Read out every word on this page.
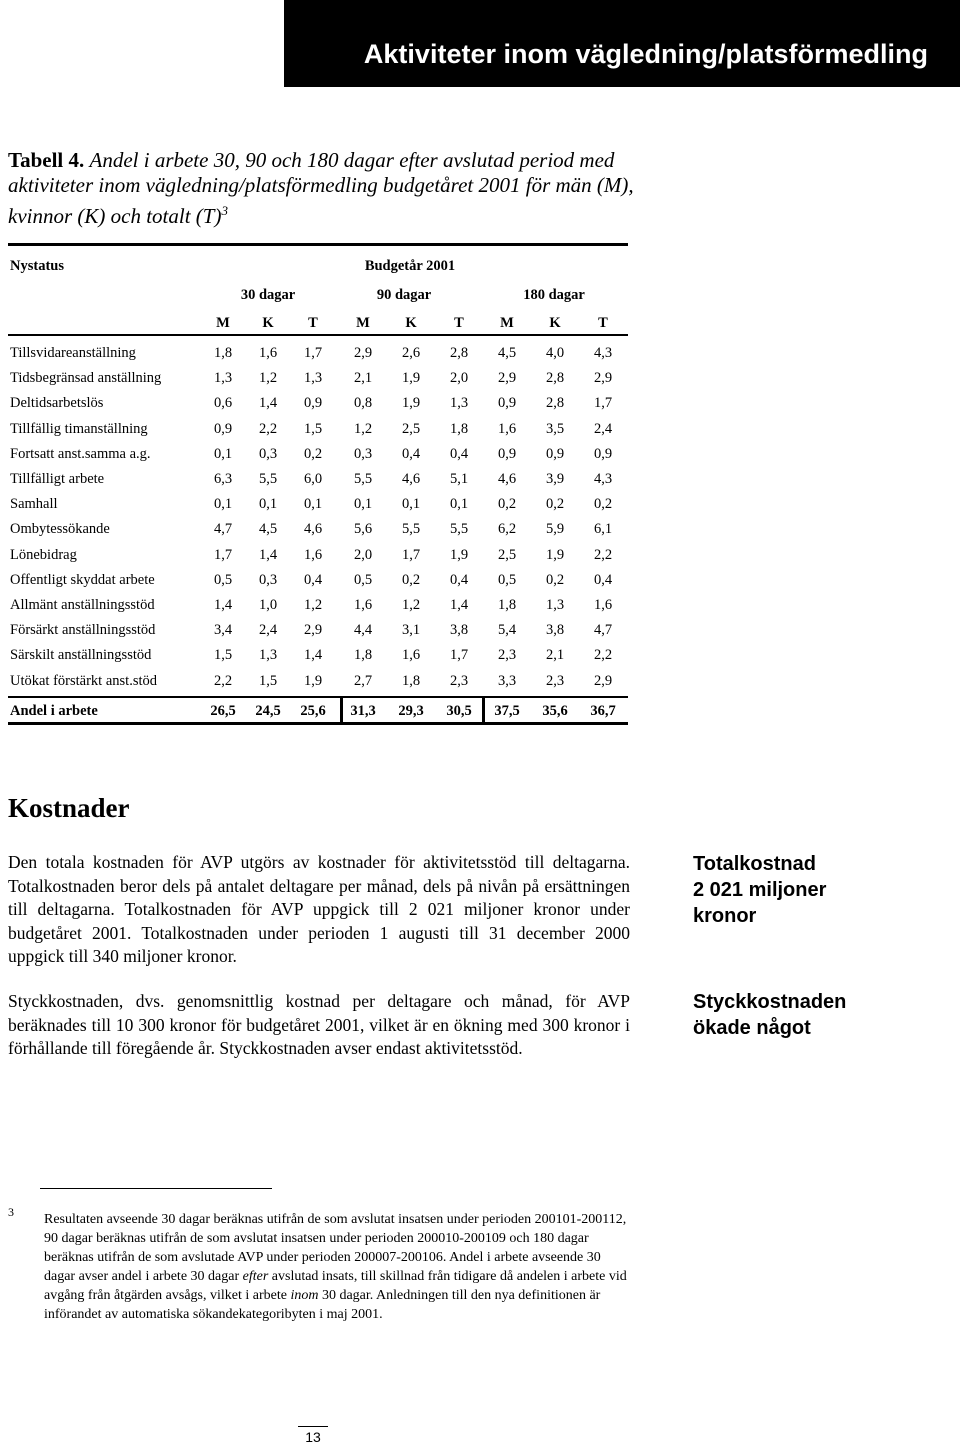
Aktiviteter inom vägledning/platsförmedling
Tabell 4. Andel i arbete 30, 90 och 180 dagar efter avslutad period med aktiviteter inom vägledning/platsförmedling budgetåret 2001 för män (M), kvinnor (K) och totalt $(T)^3$
Nystatus	Budgetår 2001
30 dagar	90 dagar	180 dagar
M	K	T	M	K	T	M	K	T
Tillsvidareanställning	1,8	1,6	1,7	2,9	2,6	2,8	4,5	4,0	4,3
Tidsbegränsad anställning	1,3	1,2	1,3	2,1	1,9	2,0	2,9	2,8	2,9
Deltidsarbetslös	0,6	1,4	0,9	0,8	1,9	1,3	0,9	2,8	1,7
Tillfällig timanställning	0,9	2,2	1,5	1,2	2,5	1,8	1,6	3,5	2,4
Fortsatt anst.samma a.g.	0,1	0,3	0,2	0,3	0,4	0,4	0,9	0,9	0,9
Tillfälligt arbete	6,3	5,5	6,0	5,5	4,6	5,1	4,6	3,9	4,3
Samhall	0,1	0,1	0,1	0,1	0,1	0,1	0,2	0,2	0,2
Ombytessökande	4,7	4,5	4,6	5,6	5,5	5,5	6,2	5,9	6,1
Lönebidrag	1,7	1,4	1,6	2,0	1,7	1,9	2,5	1,9	2,2
Offentligt skyddat arbete	0,5	0,3	0,4	0,5	0,2	0,4	0,5	0,2	0,4
Allmänt anställningsstöd	1,4	1,0	1,2	1,6	1,2	1,4	1,8	1,3	1,6
Försärkt anställningsstöd	3,4	2,4	2,9	4,4	3,1	3,8	5,4	3,8	4,7
Särskilt anställningsstöd	1,5	1,3	1,4	1,8	1,6	1,7	2,3	2,1	2,2
Utökat förstärkt anst.stöd	2,2	1,5	1,9	2,7	1,8	2,3	3,3	2,3	2,9
Andel i arbete	26,5 24,5 25,6 31,3 29,3 30,5 37,5 35,6 36,7
Kostnader
Den totala kostnaden för AVP utgörs av kostnader för aktivitetsstöd till deltagarna. Totalkostnaden beror dels på antalet deltagare per månad, dels på nivån på ersättningen till deltagarna. Totalkostnaden för AVP uppgick till 2 021 miljoner kronor under budgetåret 2001. Totalkostnaden under perioden 1 augusti till 31 december 2000 uppgick till 340 miljoner kronor.
Styckkostnaden, dvs. genomsnittlig kostnad per deltagare och månad, för AVP beräknades till 10 300 kronor för budgetåret 2001, vilket är en ökning med 300 kronor i förhållande till föregående år. Styckkostnaden avser endast aktivitetsstöd.
Totalkostnad
2 021 miljoner
kronor
Styckkostnaden
ökade något
3 Resultaten avseende 30 dagar beräknas utifrån de som avslutat insatsen under perioden 200101-200112, 90 dagar beräknas utifrån de som avslutat insatsen under perioden 200010-200109 och 180 dagar beräknas utifrån de som avslutade AVP under perioden 200007-200106. Andel i arbete avseende 30 dagar avser andel i arbete 30 dagar efter avslutad insats, till skillnad från tidigare då andelen i arbete vid avgång från åtgärden avsågs, vilket i arbete inom 30 dagar. Anledningen till den nya definitionen är införandet av automatiska sökandekategoribyten i maj 2001.
13
